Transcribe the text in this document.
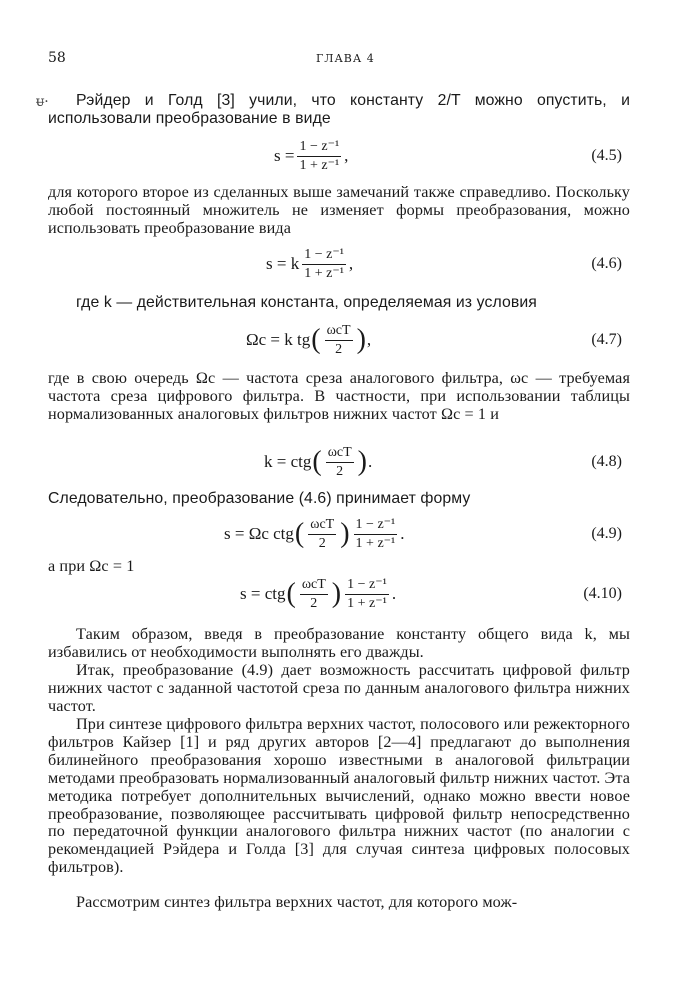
58	ГЛАВА 4
ᵾ·	Рэйдер и Голд [3] учили, что константу 2/T можно опустить, и использовали преобразование в виде
$s = \frac{\text{1 − z⁻¹}}{\text{1 + z⁻¹}}$ ,	(4.5)
для которого второе из сделанных выше замечаний также справедливо. Поскольку любой постоянный множитель не изменяет формы преобразования, можно использовать преобразование вида
s = k $\frac{\text{1 − z⁻¹}}{\text{1 + z⁻¹}}$ ,	(4.6)
где k — действительная константа, определяемая из условия
Ωc = k tg ( $\frac{\text{ωcT}}{2}$ ) ,	(4.7)
где в свою очередь Ωc — частота среза аналогового фильтра, ωc — требуемая частота среза цифрового фильтра. В частности, при использовании таблицы нормализованных аналоговых фильтров нижних частот Ωc = 1 и
k = ctg ( $\frac{\text{ωcT}}{2}$ ) .	(4.8)
Следовательно, преобразование (4.6) принимает форму
s = Ωc ctg ( $\frac{\text{ωcT}}{2}$ ) $\frac{\text{1 − z⁻¹}}{\text{1 + z⁻¹}}$ .	(4.9)
а при Ωc = 1
s = ctg ( $\frac{\text{ωcT}}{2}$ ) $\frac{\text{1 − z⁻¹}}{\text{1 + z⁻¹}}$ .	(4.10)
Таким образом, введя в преобразование константу общего вида k, мы избавились от необходимости выполнять его дважды.
Итак, преобразование (4.9) дает возможность рассчитать цифровой фильтр нижних частот с заданной частотой среза по данным аналогового фильтра нижних частот.
При синтезе цифрового фильтра верхних частот, полосового или режекторного фильтров Кайзер [1] и ряд других авторов [2—4] предлагают до выполнения билинейного преобразования хорошо известными в аналоговой фильтрации методами преобразовать нормализованный аналоговый фильтр нижних частот. Эта методика потребует дополнительных вычислений, однако можно ввести новое преобразование, позволяющее рассчитывать цифровой фильтр непосредственно по передаточной функции аналогового фильтра нижних частот (по аналогии с рекомендацией Рэйдера и Голда [3] для случая синтеза цифровых полосовых фильтров).
Рассмотрим синтез фильтра верхних частот, для которого мож-
